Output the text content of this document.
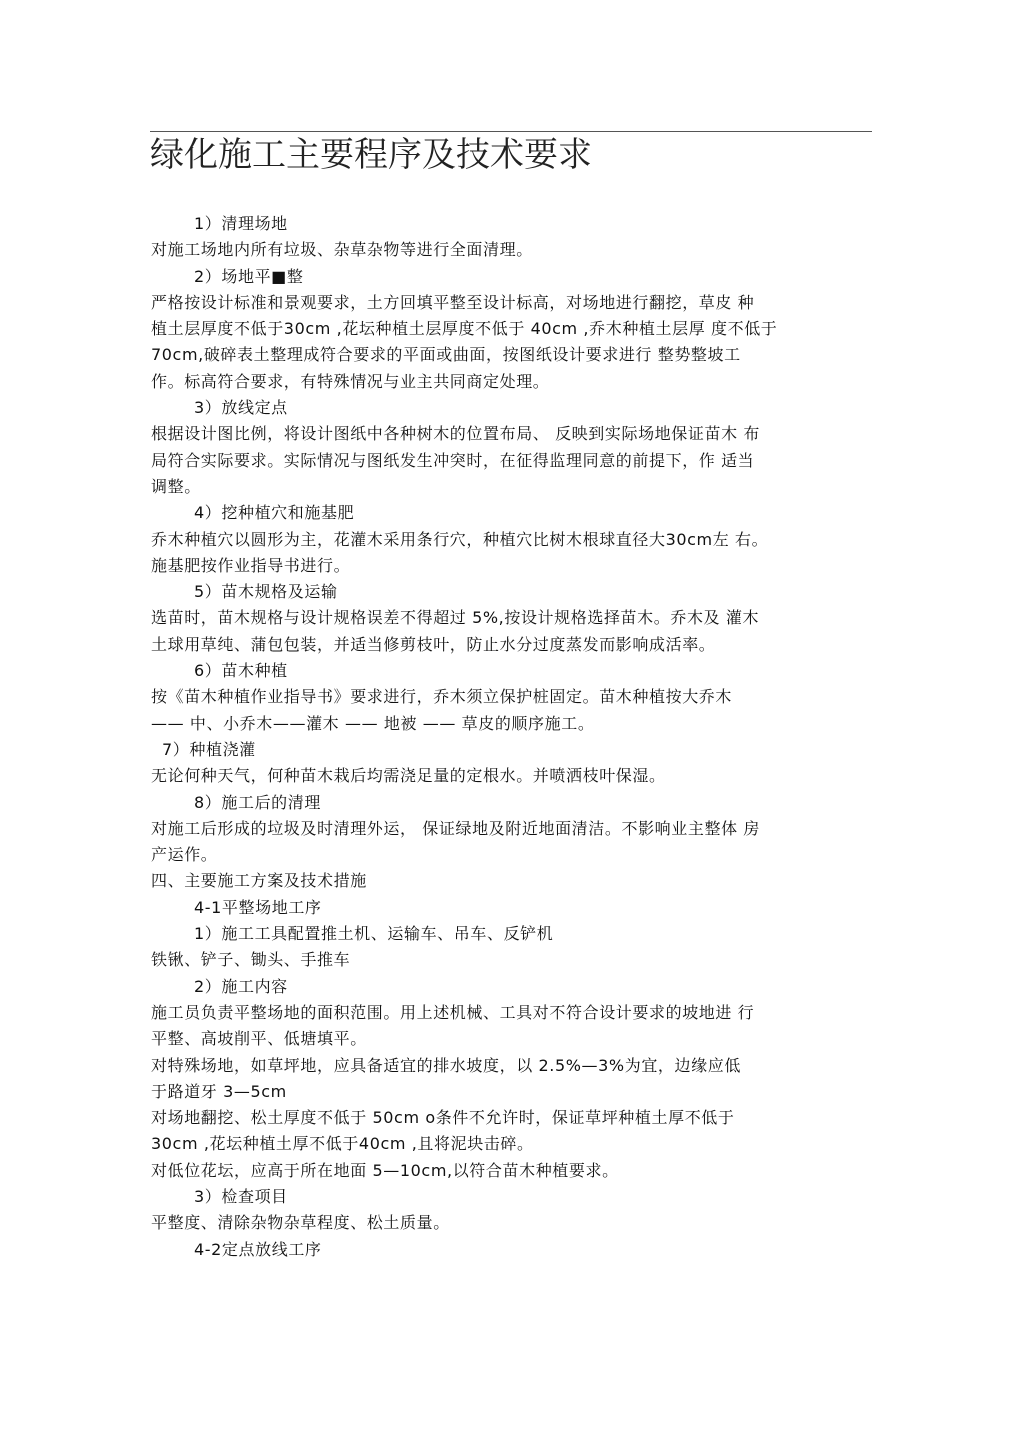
绿化施工主要程序及技术要求
1）清理场地
对施工场地内所有垃圾、杂草杂物等进行全面清理。
2）场地平■整
严格按设计标准和景观要求，土方回填平整至设计标高，对场地进行翻挖，草皮 种
植土层厚度不低于30cm ,花坛种植土层厚度不低于 40cm ,乔木种植土层厚 度不低于
70cm,破碎表土整理成符合要求的平面或曲面，按图纸设计要求进行 整势整坡工
作。标高符合要求，有特殊情况与业主共同商定处理。
3）放线定点
根据设计图比例，将设计图纸中各种树木的位置布局、 反映到实际场地保证苗木 布
局符合实际要求。实际情况与图纸发生冲突时，在征得监理同意的前提下，作 适当
调整。
4）挖种植穴和施基肥
乔木种植穴以圆形为主，花灌木采用条行穴，种植穴比树木根球直径大30cm左 右。
施基肥按作业指导书进行。
5）苗木规格及运输
选苗时，苗木规格与设计规格误差不得超过 5%,按设计规格选择苗木。乔木及 灌木
土球用草纯、蒲包包装，并适当修剪枝叶，防止水分过度蒸发而影响成活率。
6）苗木种植
按《苗木种植作业指导书》要求进行，乔木须立保护桩固定。苗木种植按大乔木
—— 中、小乔木——灌木 —— 地被 —— 草皮的顺序施工。
7）种植浇灌
无论何种天气，何种苗木栽后均需浇足量的定根水。并喷洒枝叶保湿。
8）施工后的清理
对施工后形成的垃圾及时清理外运， 保证绿地及附近地面清洁。不影响业主整体 房
产运作。
四、主要施工方案及技术措施
4-1平整场地工序
1）施工工具配置推土机、运输车、吊车、反铲机
铁锹、铲子、锄头、手推车
2）施工内容
施工员负责平整场地的面积范围。用上述机械、工具对不符合设计要求的坡地进 行
平整、高坡削平、低塘填平。
对特殊场地，如草坪地，应具备适宜的排水坡度，以 2.5%—3%为宜，边缘应低
于路道牙 3—5cm
对场地翻挖、松土厚度不低于 50cm o条件不允许时，保证草坪种植土厚不低于
30cm ,花坛种植土厚不低于40cm ,且将泥块击碎。
对低位花坛，应高于所在地面 5—10cm,以符合苗木种植要求。
3）检查项目
平整度、清除杂物杂草程度、松土质量。
4-2定点放线工序
